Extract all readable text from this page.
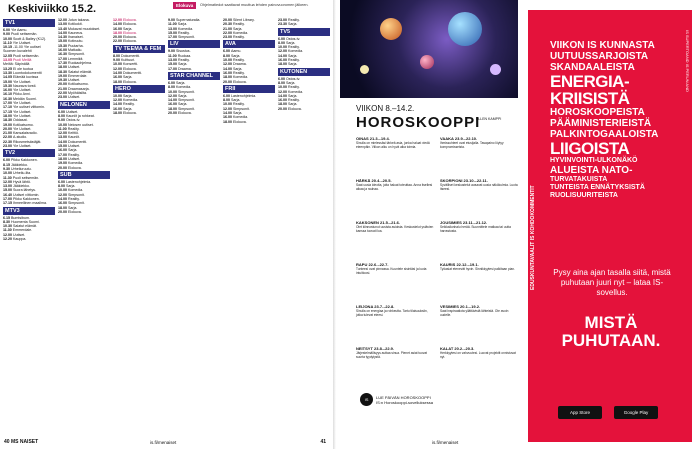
Keskiviikko 15.2.	Elokuva	Ohjelmatiedot saattavat muuttua lehden painovuoromen jälkeen.
TV1
6.00 Yle Aamu.
9.00 Puoli seitsemän.
10.00 Scott & Bailey (K12).
11.10 Yle Uutiset.
10.15 -11.00 Yle uutiset
Suomen kuvalehti
12.05 Puoli seitsemän.
13.05 Puoli Meillä
Meiltä: Säpinällä
13.25 Ei ole tuotua
13.30 Luontodokumentti
14.05 Elämää kuvissa
15.00 Yle Uutiset.
15.30 Naurava torsti.
16.00 Yle Uutiset.
16.10 Pikku Anni.
16.30 Meidän Suomi.
17.00 Yle Uutiset.
17.10 Yle uutiset viittomin.
17.15 Yle Uutiset.
18.00 Yle Uutiset.
18.30 Oddasat.
19.00 Kotikatsomo.
20.00 Yle Uutiset.
21.00 Kansalaisradio.
22.00 A-studio.
22.30 Rikosmetsästäjät.
23.00 Yle Uutiset.
TV2
6.00 Pikku Kakkonen.
8.15 Jääkiekko.
9.30 Urheiluruutu.
10.00 Urheilu-ilta.
11.30 Puoli seitsemän.
12.00 Hyvä lähtö.
13.00 Jääkiekko.
15.00 Suora lähetys.
16.40 Uutiset viittomin.
17.00 Pikku Kakkonen.
17.15 Ihmeellinen maailma.
MTV3
6.15 Bumtsibum.
8.30 Huomenta Suomi.
10.30 Salatut elämät.
11.30 Emmerdale.
12.00 Uutiset.
12.20 Kauppa.
12.00 Jutun takana.
13.00 Kotikokit.
13.40 Mukavat muutokset.
14.00 Kauneus.
14.30 Ihanaiset.
15.00 Kotiruutu.
15.30 Puutarha.
16.00 Matkailu.
16.30 Simpsonit.
17.00 Lemmikit.
17.30 Ruokaohjelma.
18.00 Uutiset.
18.30 Salatut elämät.
19.00 Emmerdale.
19.30 Uutiset.
20.00 Kotikatsomo.
21.00 Draamasarja.
22.00 Myöhäisilta.
23.00 Uutiset.
NELONEN
6.00 Uutiset.
8.00 Kauniit ja rohkeat.
9.00 Ostos-tv.
10.00 Nelosen uutiset.
11.00 Reality.
12.00 Keittiö.
13.00 Kauniit.
14.00 Dokumentti.
15.00 Uutiset.
16.00 Sarja.
17.00 Reality.
18.00 Uutiset.
19.00 Komedia.
20.00 Elokuva.
SUB
6.00 Lastenohjelmia.
8.00 Sarja.
10.00 Komedia.
12.00 Simpsonit.
14.00 Reality.
16.00 Simpsonit.
18.00 Sarja.
20.00 Elokuva.
12.00 Elokuva.
14.00 Elokuva.
16.00 Sarja.
18.00 Elokuva.
20.00 Elokuva.
22.00 Elokuva.
TV TEEMA & FEM
8.00 Dokumentti.
9.00 Kulttuuri.
10.00 Konsertti.
12.00 Elokuva.
14.00 Dokumentti.
16.00 Sarja.
18.00 Elokuva.
HERO
10.00 Sarja.
12.00 Komedia.
14.00 Reality.
16.00 Sarja.
18.00 Elokuva.
9.00 Supernaturalia.
11.00 Sarja.
13.00 Komedia.
15.00 Reality.
17.00 Simpsonit.
LIV
9.00 Sisustus.
11.00 Ruokaa.
13.00 Reality.
15.00 Sarja.
17.00 Draama.
STAR CHANNEL
6.00 Sarja.
8.00 Komedia.
10.00 Simpsonit.
12.00 Sarja.
14.00 Simpsonit.
16.00 Sarja.
18.00 Simpsonit.
20.00 Elokuva.
20.00 Silent Library.
20.30 Reality.
21.00 Sarja.
22.00 Komedia.
23.00 Reality.
AVA
6.00 Aamu.
8.00 Sarja.
10.00 Reality.
12.00 Draama.
14.00 Sarja.
16.00 Reality.
18.00 Komedia.
20.00 Elokuva.
FRII
6.00 Lastenohjelmia.
8.00 Sarja.
10.00 Reality.
12.00 Simpsonit.
14.00 Sarja.
16.00 Komedia.
18.00 Elokuva.
23.00 Reality.
23.30 Sarja.
TV5
6.00 Ostos-tv.
8.00 Sarja.
10.00 Reality.
12.00 Komedia.
14.00 Sarja.
16.00 Reality.
18.00 Sarja.
KUTONEN
6.00 Ostos-tv.
8.00 Sarja.
10.00 Reality.
12.00 Komedia.
14.00 Sarja.
16.00 Reality.
18.00 Sarja.
20.00 Elokuva.
40 MS NAISET	is.fi/menaiset
VIIKON 8.–14.2.
HOROSKOOPPI
ELLEN KAMPPI
OINAS 21.3.–19.4.
Sinulla on mielessäsi tärkeä asia, jonka haluat viedä eteenpäin. Viikon alku on hyvä aika toimia.
HÄRKÄ 20.4.–20.5.
Saat uusia ideoita, joita haluat toteuttaa. Anna itsellesi aikaa ja rauhaa.
KAKSONEN 21.5.–21.6.
Olet kiinnostunut uusista asioista. Keskustelut ystävien kanssa tuovat iloa.
RAPU 22.6.–22.7.
Tunteesi ovat pinnassa. Kuuntele sisintäsi ja luota intuitioosi.
LEIJONA 23.7.–22.8.
Sinulla on energiaa ja rohkeutta. Tartu tilaisuuksiin, jotka tulevat eteesi.
NEITSYT 23.8.–22.9.
Järjestelmällisyys auttaa sinua. Pienet asiat tuovat suurta tyydytystä.
VAAKA 23.9.–22.10.
Ihmissuhteet ovat etusijalla. Tasapaino löytyy kompromisseista.
SKORPIONI 23.10.–22.11.
Syvälliset keskustelut avaavat uusia näkökulmia. Luota itseesi.
JOUSIMIES 23.11.–21.12.
Seikkailunhalu herää. Suunnittele matkaa tai uutta harrastusta.
KAURIS 22.12.–19.1.
Työasiat etenevät hyvin. Sinnikkyytesi palkitaan pian.
VESIMIES 20.1.–19.2.
Saat inspiraatiota yllättävistä lähteistä. Ole avoin uudelle.
KALAT 20.2.–20.3.
Herkkyytesi on vahvuutesi. Luovat projektit onnistuvat nyt.
IS	LUE PÄIVÄN HOROSKOOPPI
IS:n Horoskooppi-sovelluksessa
is.fi/menaiset
41
EDUSKUNTAVAALIT IS KOHDOKOMMENTIT
IS SUPERTOAND IS PERUN AND
VIIKON IS KUNNASTA
UUTUUSSARJOISTA
SKANDAALEISTA
ENERGIA-
KRIISISTÄ
HOROSKOOPEISTA
PÄÄMINISTERIEISTÄ
PALKINTOGAALOISTA
LIIGOISTA
HYVINVOINTI-ULKONÄKÖ
ALUEISTA NATO-
TURVATAKUISTA
TUNTEISTA ENNÄTYKSISTÄ
RUOLISUURITEISTA
Pysy aina ajan tasalla siitä, mistä puhutaan juuri nyt – lataa IS-sovellus.
MISTÄ PUHUTAAN.
App Store	Google Play
